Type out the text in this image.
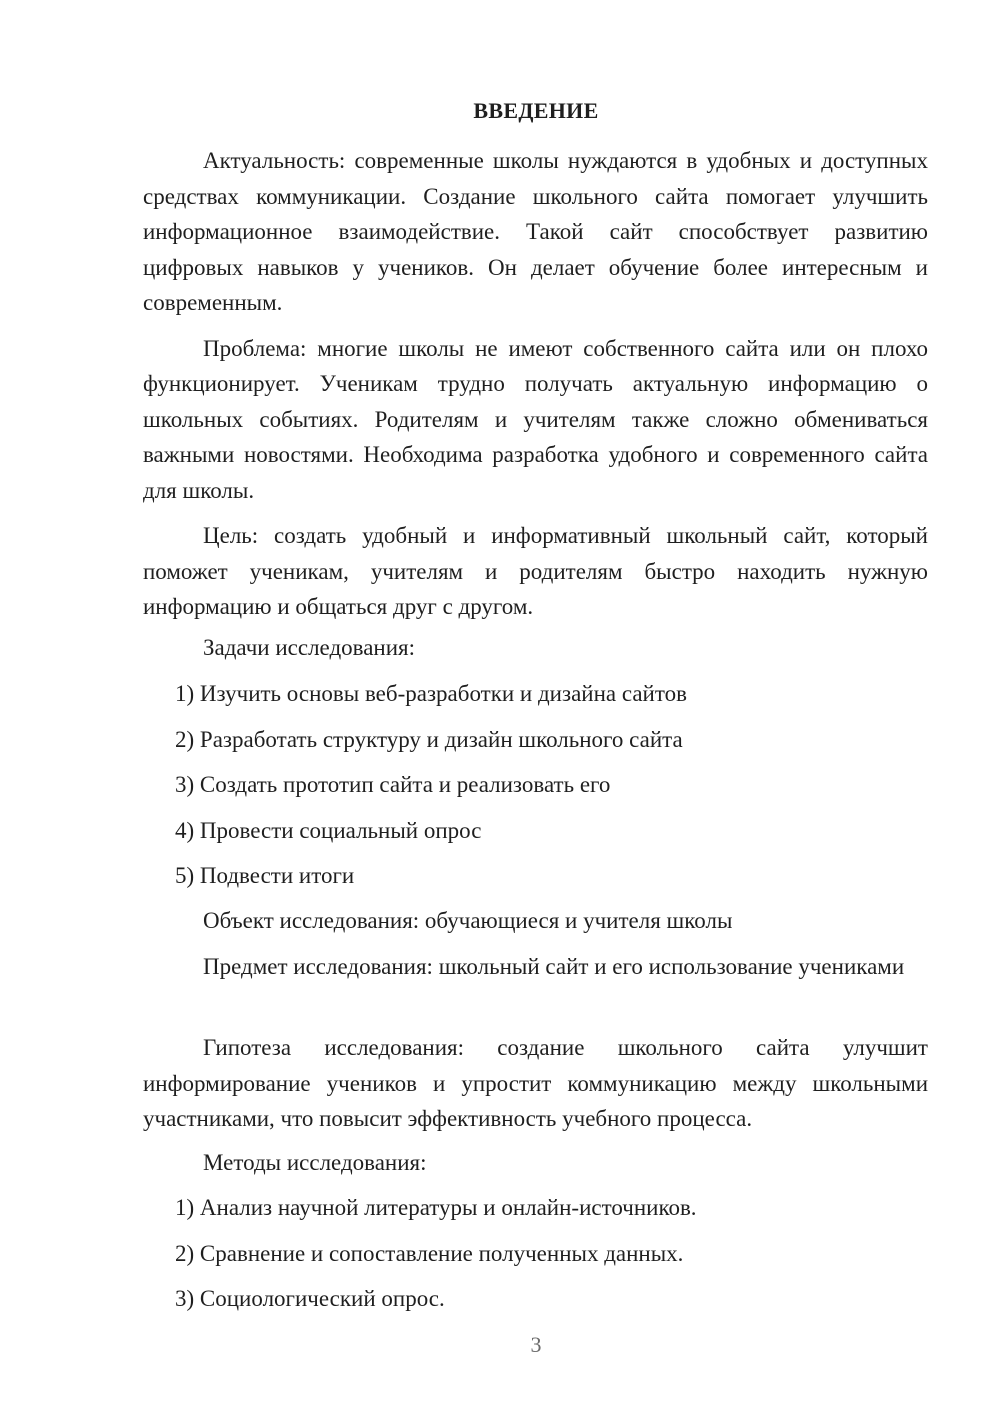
ВВЕДЕНИЕ

Актуальность: современные школы нуждаются в удобных и доступных средствах коммуникации. Создание школьного сайта помогает улучшить информационное взаимодействие. Такой сайт способствует развитию цифровых навыков у учеников. Он делает обучение более интересным и современным.

Проблема: многие школы не имеют собственного сайта или он плохо функционирует. Ученикам трудно получать актуальную информацию о школьных событиях. Родителям и учителям также сложно обмениваться важными новостями. Необходима разработка удобного и современного сайта для школы.

Цель: создать удобный и информативный школьный сайт, который поможет ученикам, учителям и родителям быстро находить нужную информацию и общаться друг с другом.

Задачи исследования:

1) Изучить основы веб-разработки и дизайна сайтов

2) Разработать структуру и дизайн школьного сайта

3) Создать прототип сайта и реализовать его

4) Провести социальный опрос

5) Подвести итоги

Объект исследования: обучающиеся и учителя школы

Предмет исследования: школьный сайт и его использование учениками

Гипотеза исследования: создание школьного сайта улучшит информирование учеников и упростит коммуникацию между школьными участниками, что повысит эффективность учебного процесса.

Методы исследования:

1) Анализ научной литературы и онлайн-источников.

2) Сравнение и сопоставление полученных данных.

3) Социологический опрос.

3
